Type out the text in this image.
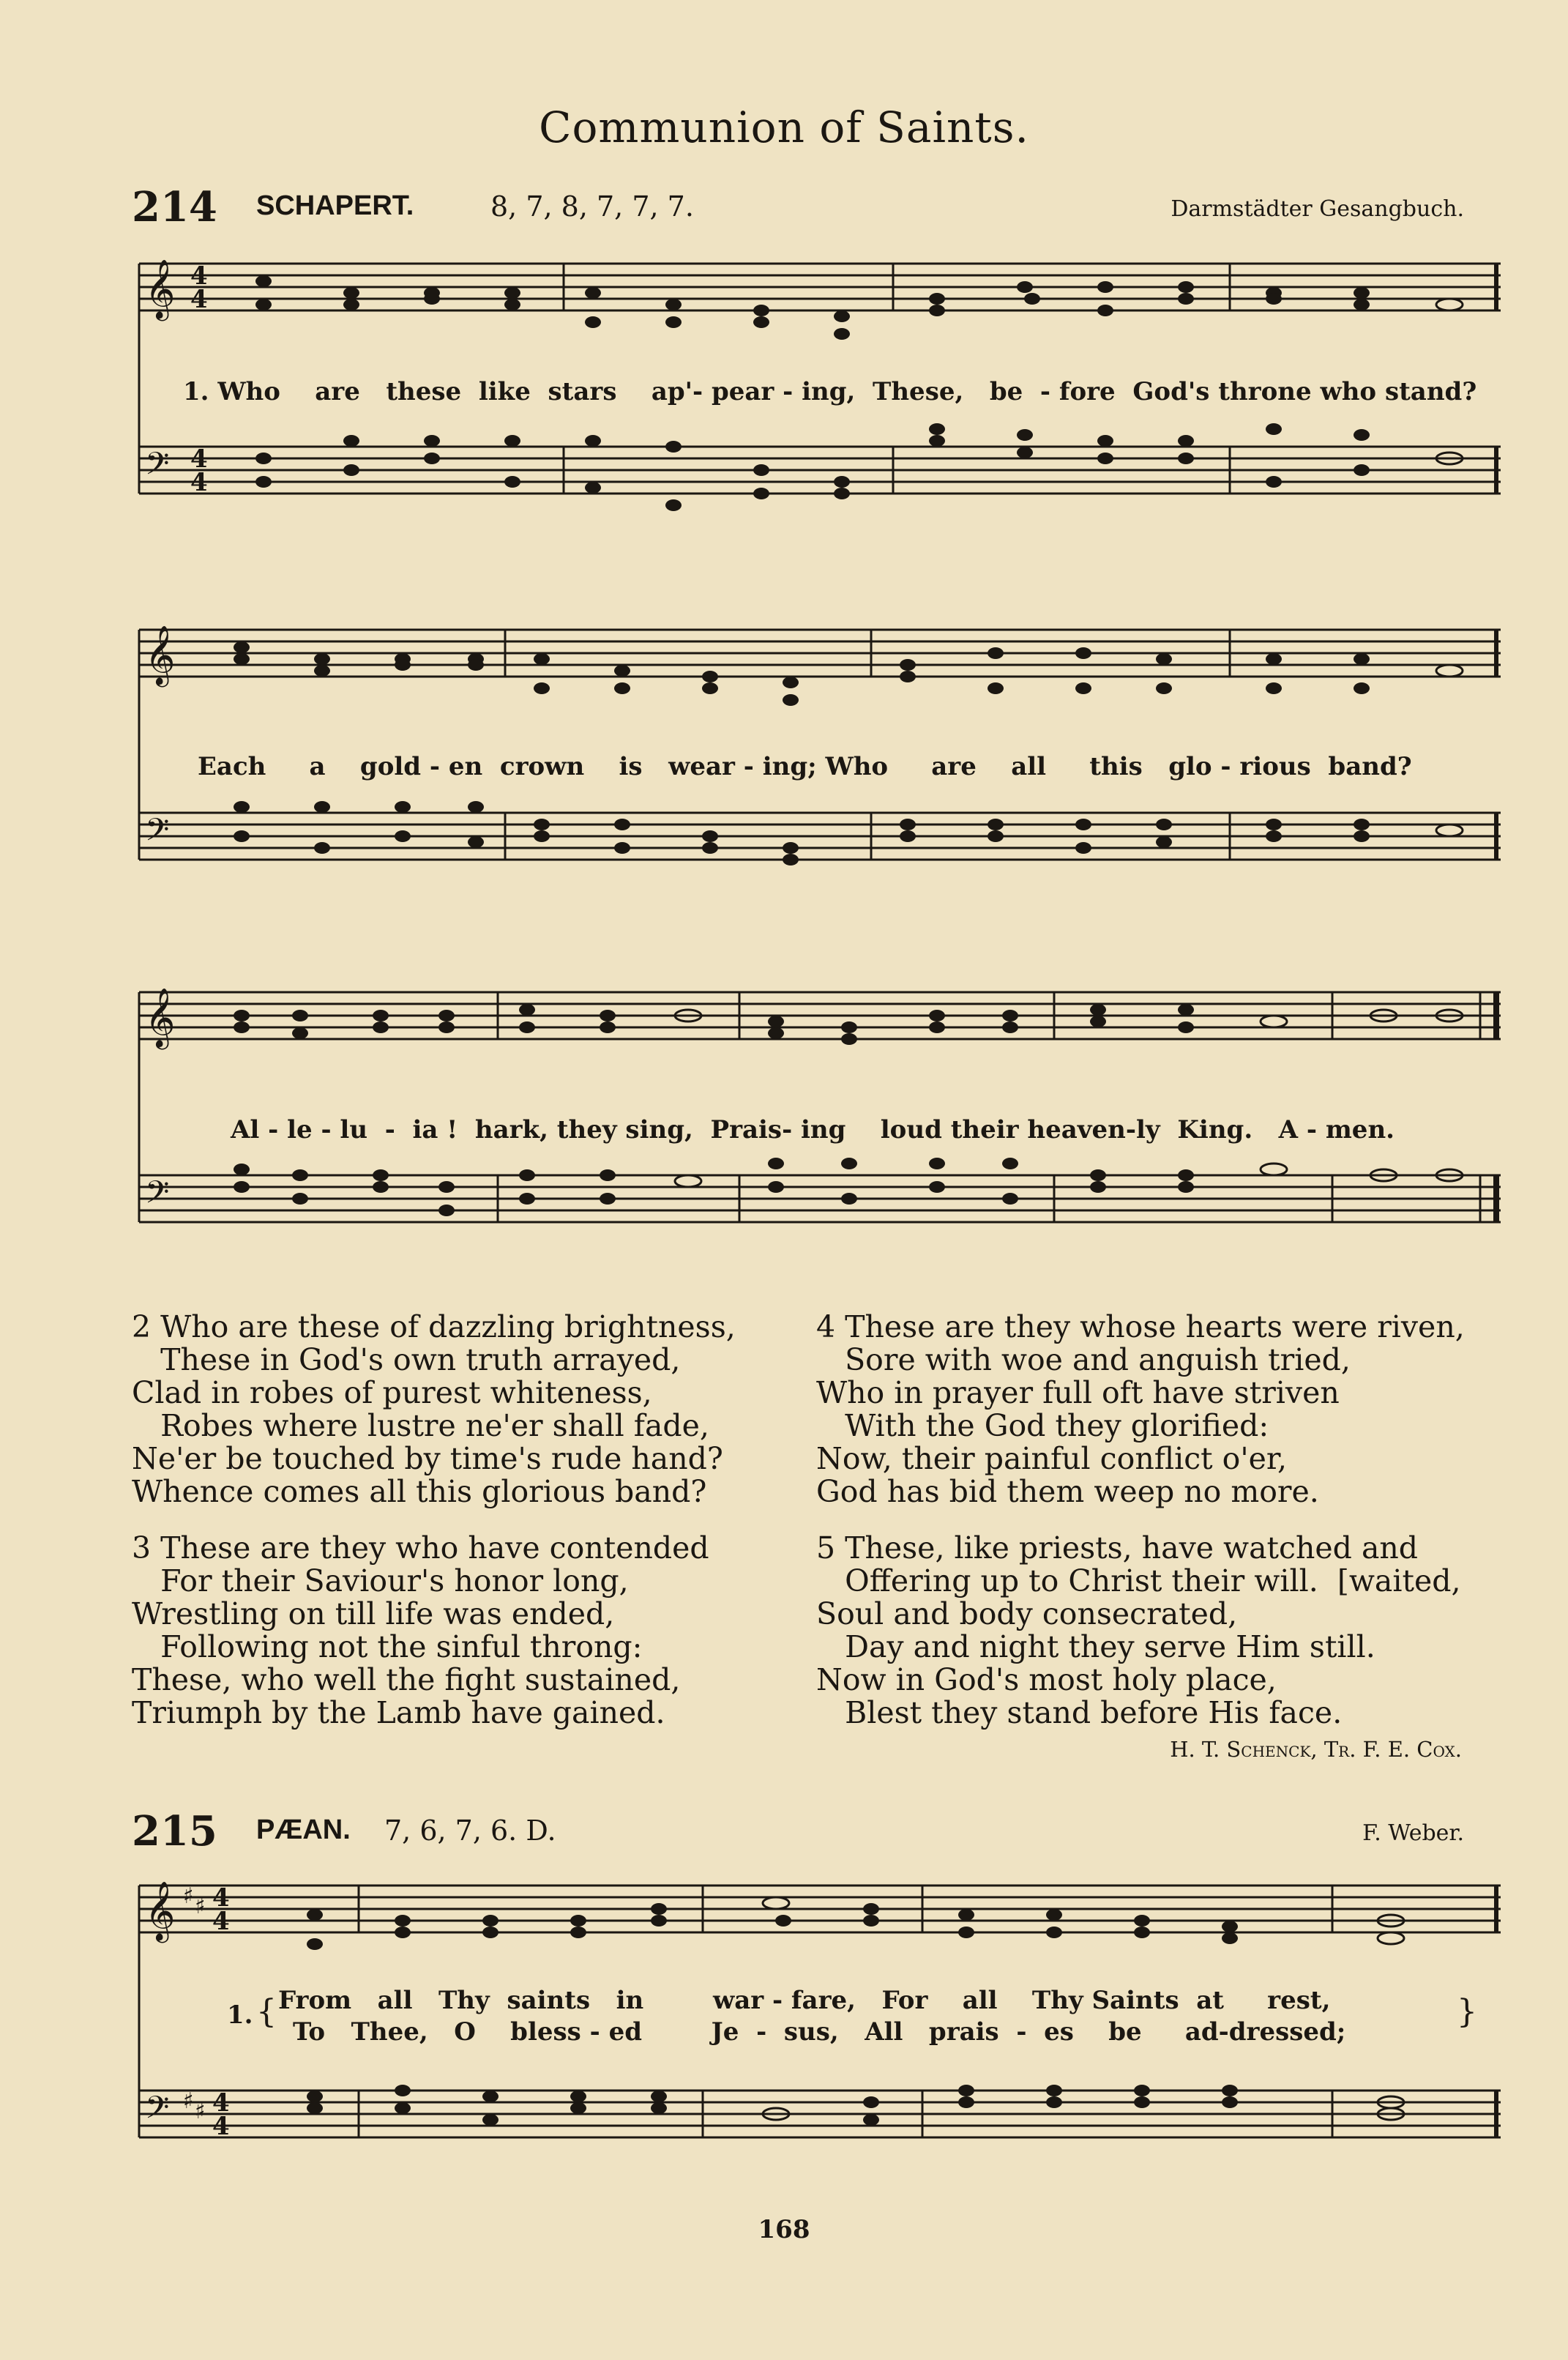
Communion of Saints.
214 SCHAPERT.	8, 7, 8, 7, 7, 7.	Darmstädter Gesangbuch.
𝄞
𝄢
4
4
4
4
1. Who    are   these  like  stars    ap'- pear - ing,  These,   be  - fore  God's throne who stand?
𝄞
𝄢
Each     a    gold - en  crown    is   wear - ing; Who     are    all     this   glo - rious  band?
𝄞
𝄢
Al - le - lu  -  ia !  hark, they sing,  Prais- ing    loud their heaven-ly  King.   A - men.
2 Who are these of dazzling brightness,
These in God's own truth arrayed,
Clad in robes of purest whiteness,
Robes where lustre ne'er shall fade,
Ne'er be touched by time's rude hand?
Whence comes all this glorious band?
3 These are they who have contended
For their Saviour's honor long,
Wrestling on till life was ended,
Following not the sinful throng:
These, who well the fight sustained,
Triumph by the Lamb have gained.
4 These are they whose hearts were riven,
Sore with woe and anguish tried,
Who in prayer full oft have striven
With the God they glorified:
Now, their painful conflict o'er,
God has bid them weep no more.
5 These, like priests, have watched and
Offering up to Christ their will.  [waited,
Soul and body consecrated,
Day and night they serve Him still.
Now in God's most holy place,
Blest they stand before His face.
H. T. Schenck, Tr. F. E. Cox.
215 PÆAN. 7, 6, 7, 6. D.	F. Weber.
𝄞
𝄢
♯ ♯
♯ ♯
4
4
4
4
1. { From   all   Thy  saints   in        war - fare,   For    all    Thy Saints  at     rest,
To   Thee,   O    bless - ed        Je  -  sus,   All   prais  -  es    be     ad-dressed;
}
168
